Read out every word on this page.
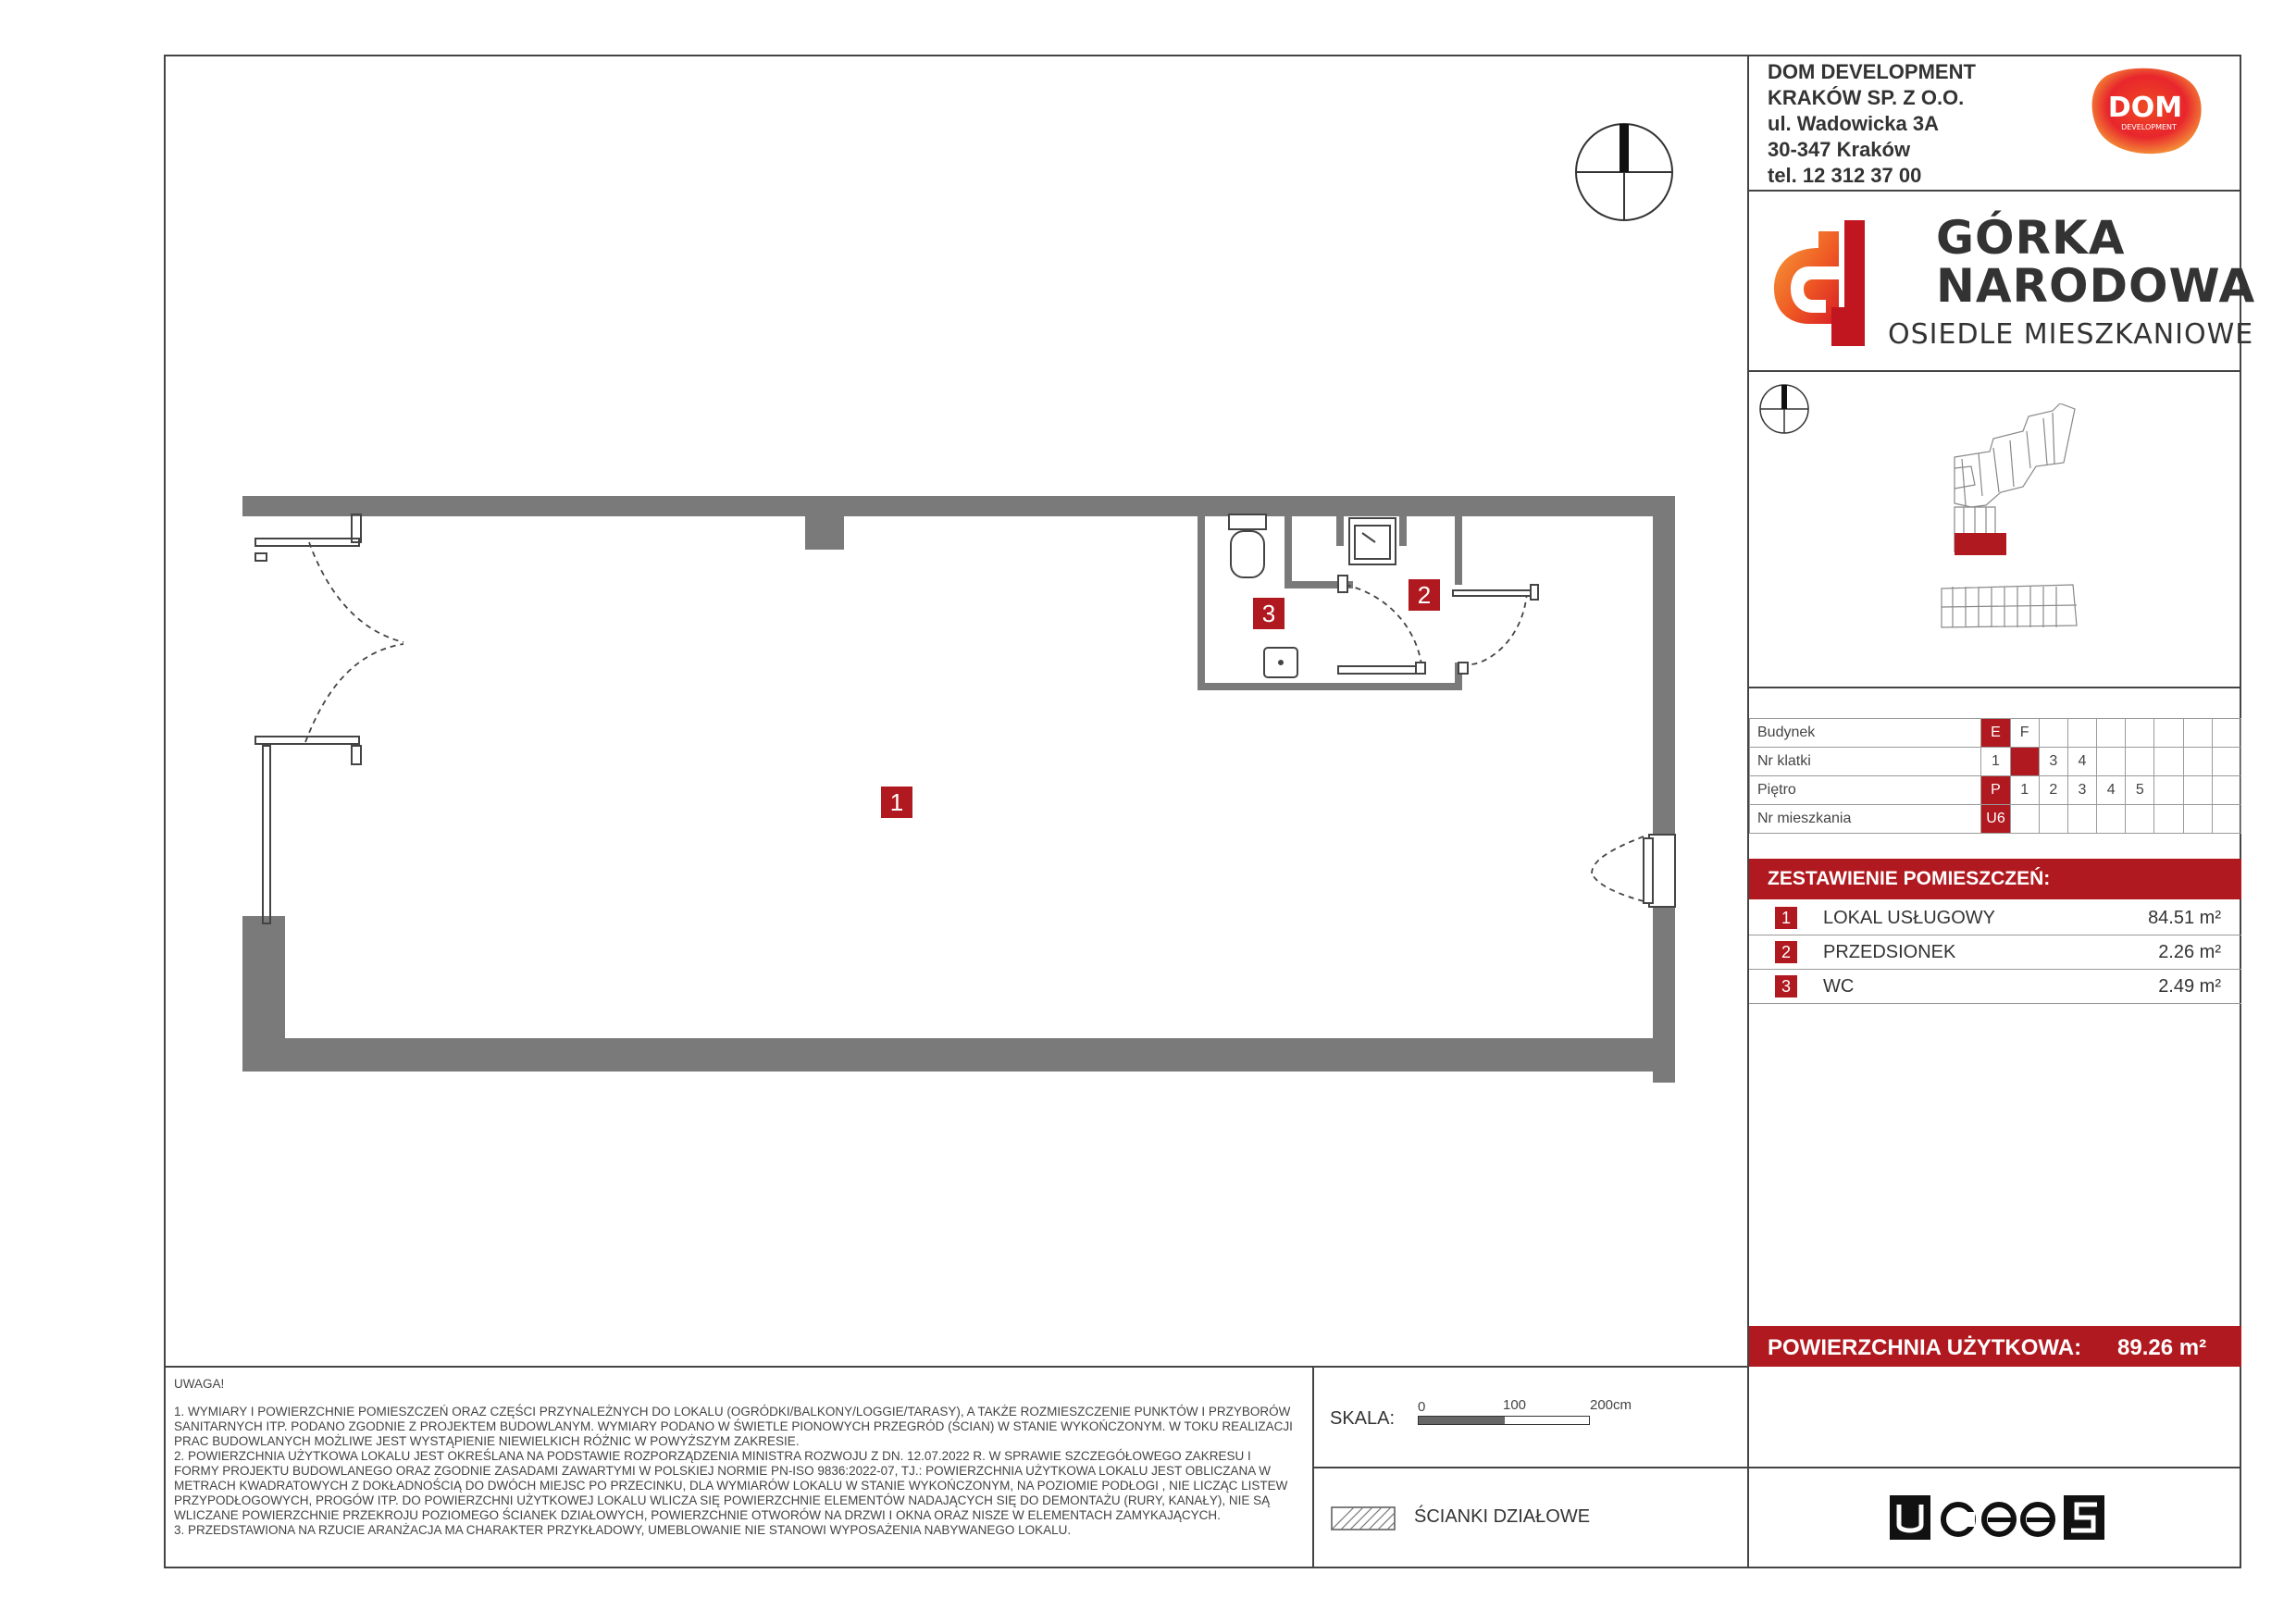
DOM DEVELOPMENT
KRAKÓW SP. Z O.O.
ul. Wadowicka 3A
30-347 Kraków
tel. 12 312 37 00
DOM
DEVELOPMENT
GÓRKA
NARODOWA
OSIEDLE MIESZKANIOWE
Budynek	E	F							
Nr klatki	1	2	3	4					
Piętro	P	1	2	3	4	5			
Nr mieszkania	U6								
ZESTAWIENIE POMIESZCZEŃ:
1	LOKAL USŁUGOWY	84.51 m²
2	PRZEDSIONEK	2.26 m²
3	WC	2.49 m²
POWIERZCHNIA UŻYTKOWA: 89.26 m²

UWAGA!

1. WYMIARY I POWIERZCHNIE POMIESZCZEŃ ORAZ CZĘŚCI PRZYNALEŻNYCH DO LOKALU (OGRÓDKI/BALKONY/LOGGIE/TARASY), A TAKŻE ROZMIESZCZENIE PUNKTÓW I PRZYBORÓW SANITARNYCH ITP. PODANO ZGODNIE Z PROJEKTEM BUDOWLANYM. WYMIARY PODANO W ŚWIETLE PIONOWYCH PRZEGRÓD (ŚCIAN) W STANIE WYKOŃCZONYM. W TOKU REALIZACJI PRAC BUDOWLANYCH MOŻLIWE JEST WYSTĄPIENIE NIEWIELKICH RÓŻNIC W POWYŻSZYM ZAKRESIE.

2. POWIERZCHNIA UŻYTKOWA LOKALU JEST OKREŚLANA NA PODSTAWIE ROZPORZĄDZENIA MINISTRA ROZWOJU Z DN. 12.07.2022 R. W SPRAWIE SZCZEGÓŁOWEGO ZAKRESU I FORMY PROJEKTU BUDOWLANEGO ORAZ ZGODNIE ZASADAMI ZAWARTYMI W POLSKIEJ NORMIE PN-ISO 9836:2022-07, TJ.: POWIERZCHNIA UŻYTKOWA LOKALU JEST OBLICZANA W METRACH KWADRATOWYCH Z DOKŁADNOŚCIĄ DO DWÓCH MIEJSC PO PRZECINKU, DLA WYMIARÓW LOKALU W STANIE WYKOŃCZONYM, NA POZIOMIE PODŁOGI , NIE LICZĄC LISTEW PRZYPODŁOGOWYCH, PROGÓW ITP. DO POWIERZCHNI UŻYTKOWEJ LOKALU WLICZA SIĘ POWIERZCHNIE ELEMENTÓW NADAJĄCYCH SIĘ DO DEMONTAŻU (RURY, KANAŁY), NIE SĄ WLICZANE POWIERZCHNIE PRZEKROJU POZIOMEGO ŚCIANEK DZIAŁOWYCH, POWIERZCHNIE OTWORÓW NA DRZWI I OKNA ORAZ NISZE W ELEMENTACH ZAMYKAJĄCYCH.

3. PRZEDSTAWIONA NA RZUCIE ARANŻACJA MA CHARAKTER PRZYKŁADOWY, UMEBLOWANIE NIE STANOWI WYPOSAŻENIA NABYWANEGO LOKALU.

SKALA:
0	100	200cm
ŚCIANKI DZIAŁOWE
1
2
3
